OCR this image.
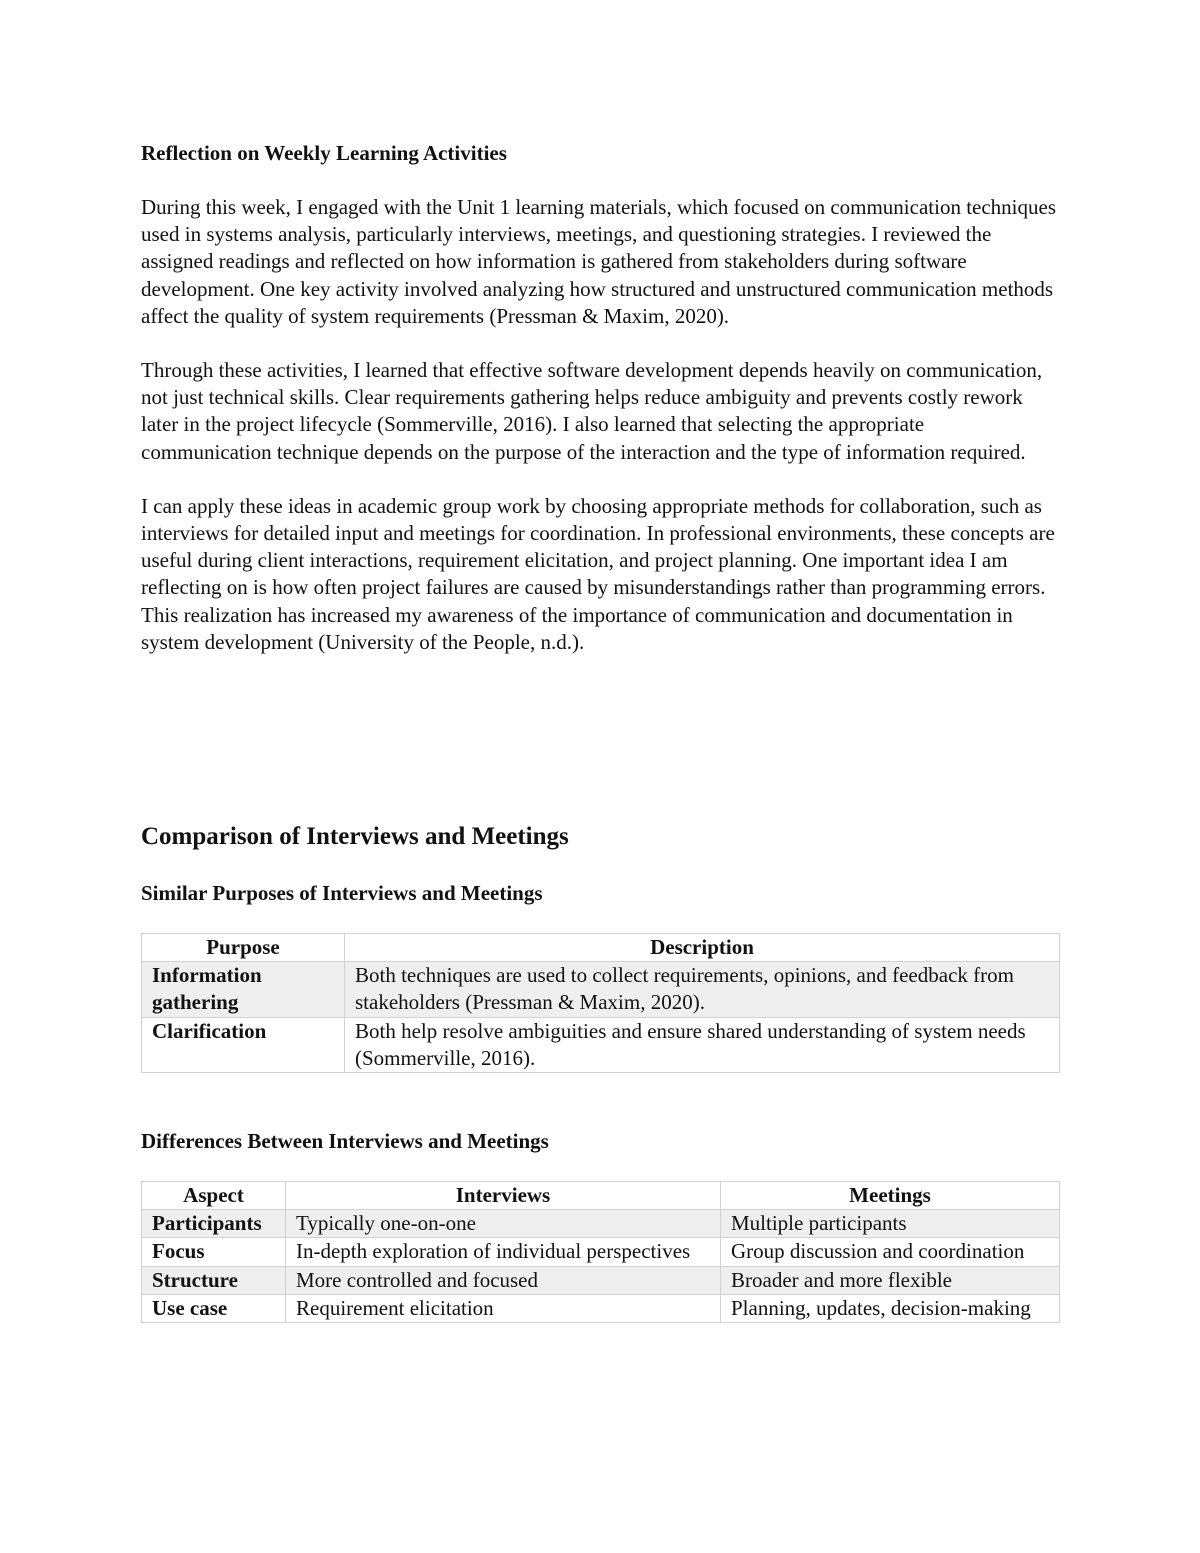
Reflection on Weekly Learning Activities

During this week, I engaged with the Unit 1 learning materials, which focused on communication techniques used in systems analysis, particularly interviews, meetings, and questioning strategies. I reviewed the assigned readings and reflected on how information is gathered from stakeholders during software development. One key activity involved analyzing how structured and unstructured communication methods affect the quality of system requirements (Pressman & Maxim, 2020).

Through these activities, I learned that effective software development depends heavily on communication, not just technical skills. Clear requirements gathering helps reduce ambiguity and prevents costly rework later in the project lifecycle (Sommerville, 2016). I also learned that selecting the appropriate communication technique depends on the purpose of the interaction and the type of information required.

I can apply these ideas in academic group work by choosing appropriate methods for collaboration, such as interviews for detailed input and meetings for coordination. In professional environments, these concepts are useful during client interactions, requirement elicitation, and project planning. One important idea I am reflecting on is how often project failures are caused by misunderstandings rather than programming errors. This realization has increased my awareness of the importance of communication and documentation in system development (University of the People, n.d.).

Comparison of Interviews and Meetings

Similar Purposes of Interviews and Meetings

Purpose	Description
Information gathering	Both techniques are used to collect requirements, opinions, and feedback from stakeholders (Pressman & Maxim, 2020).
Clarification	Both help resolve ambiguities and ensure shared understanding of system needs (Sommerville, 2016).

Differences Between Interviews and Meetings

Aspect	Interviews	Meetings
Participants	Typically one-on-one	Multiple participants
Focus	In-depth exploration of individual perspectives	Group discussion and coordination
Structure	More controlled and focused	Broader and more flexible
Use case	Requirement elicitation	Planning, updates, decision-making
